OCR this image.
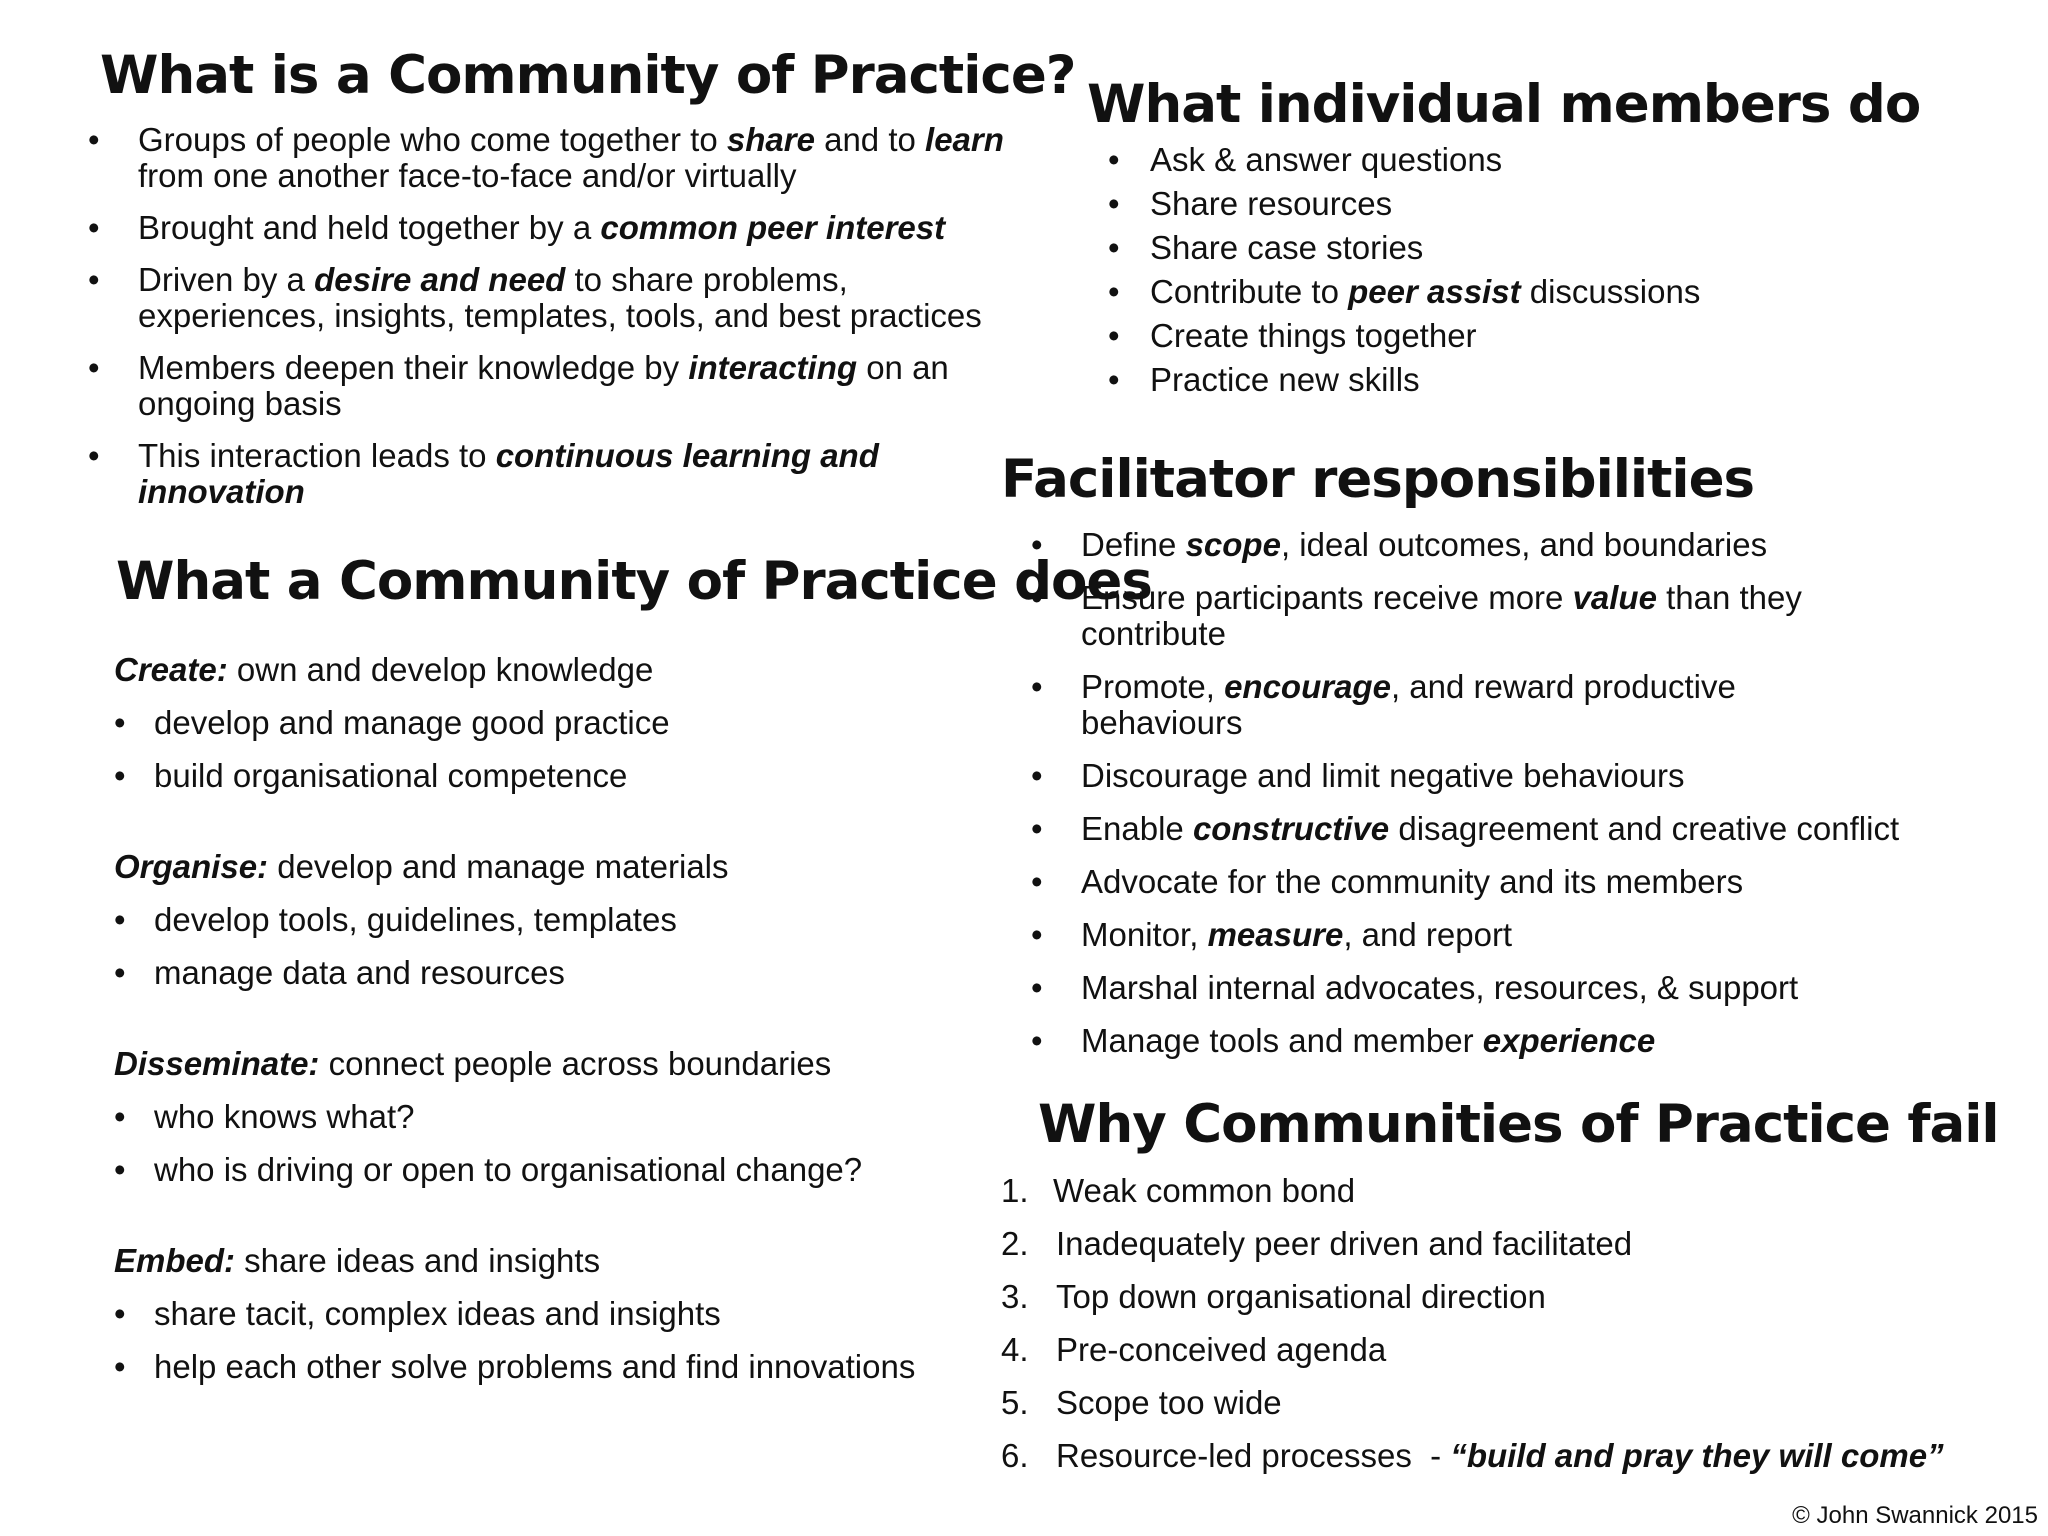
What is a Community of Practice?
• Groups of people who come together to share and to learn
from one another face-to-face and/or virtually
• Brought and held together by a common peer interest
• Driven by a desire and need to share problems,
experiences, insights, templates, tools, and best practices
• Members deepen their knowledge by interacting on an
ongoing basis
• This interaction leads to continuous learning and
innovation
What a Community of Practice does
Create: own and develop knowledge
• develop and manage good practice
• build organisational competence
Organise: develop and manage materials
• develop tools, guidelines, templates
• manage data and resources
Disseminate: connect people across boundaries
• who knows what?
• who is driving or open to organisational change?
Embed: share ideas and insights
• share tacit, complex ideas and insights
• help each other solve problems and find innovations
What individual members do
• Ask & answer questions
• Share resources
• Share case stories
• Contribute to peer assist discussions
• Create things together
• Practice new skills
Facilitator responsibilities
• Define scope, ideal outcomes, and boundaries
• Ensure participants receive more value than they
contribute
• Promote, encourage, and reward productive
behaviours
• Discourage and limit negative behaviours
• Enable constructive disagreement and creative conflict
• Advocate for the community and its members
• Monitor, measure, and report
• Marshal internal advocates, resources, & support
• Manage tools and member experience
Why Communities of Practice fail
1. Weak common bond
2. Inadequately peer driven and facilitated
3. Top down organisational direction
4. Pre-conceived agenda
5. Scope too wide
6. Resource-led processes  - “build and pray they will come”
© John Swannick 2015
